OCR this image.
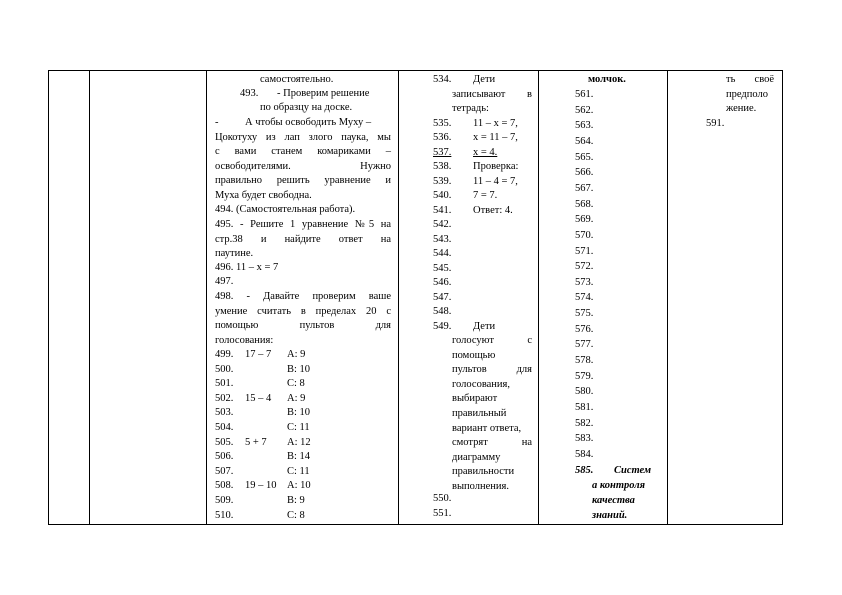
самостоятельно.
493. - Проверим решение
по образцу на доске.
-	А чтобы освободить Муху –
Цокотуху из лап злого паука, мы
с вами станем комариками –
освободителями. Нужно
правильно решить уравнение и
Муха будет свободна.
494. (Самостоятельная работа).
495. - Решите 1 уравнение №5 на
стр.38 и найдите ответ на
паутине.
496. 11 – х = 7
497.
498. - Давайте проверим ваше
умение считать в пределах 20 с
помощью пультов для
голосования:
499. 17 – 7 А: 9
500.	В: 10
501.	С: 8
502. 15 – 4 А: 9
503.	В: 10
504.	С: 11
505. 5 + 7 А: 12
506.	В: 14
507.	С: 11
508. 19 – 10 А: 10
509.	В: 9
510.	С: 8
534. Дети
записывают в
тетрадь:
535. 11 – х = 7,
536. х = 11 – 7,
537. х = 4.
538. Проверка:
539. 11 – 4 = 7,
540. 7 = 7.
541. Ответ: 4.
542.
543.
544.
545.
546.
547.
548.
549. Дети
голосуют с
помощью
пультов для
голосования,
выбирают
правильный
вариант ответа,
смотрят на
диаграмму
правильности
выполнения.
550.
551.
молчок.
561.
562.
563.
564.
565.
566.
567.
568.
569.
570.
571.
572.
573.
574.
575.
576.
577.
578.
579.
580.
581.
582.
583.
584.
585. Систем
а контроля
качества
знаний.
ть своё
предполо
жение.
591.
